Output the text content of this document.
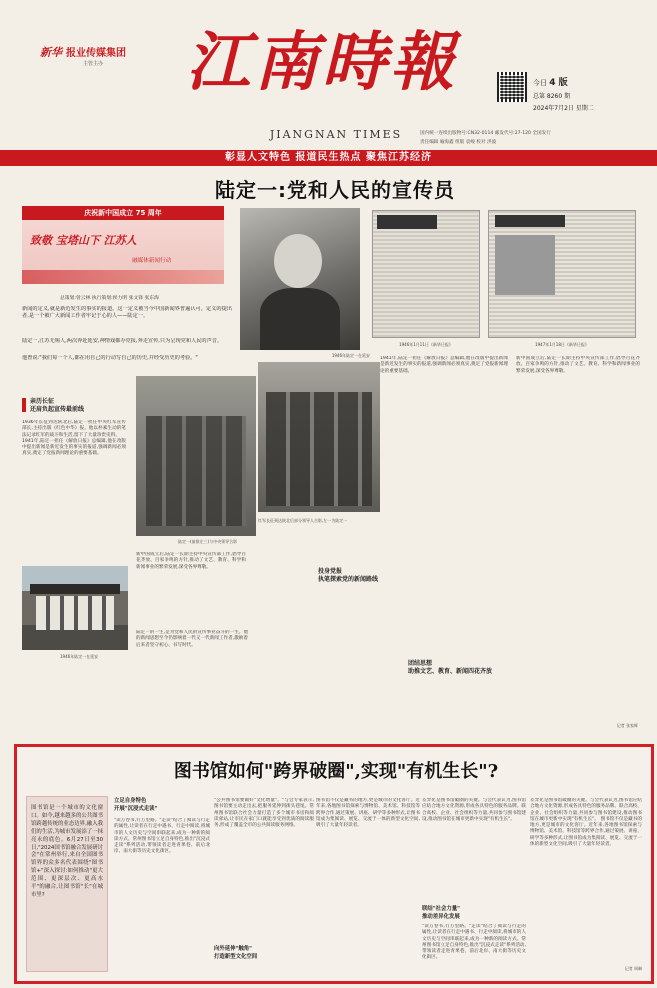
新华 报业传媒集团
主管主办 江南時報
JIANGNAN TIMES
今日 4 版
总第 8260 期
2024年7月2日 星期二
国内统一连续出版物号:CN32-0114 邮发代号:27-120 全国发行
责任编辑 喻海鑫 组版 袁峻 校对 洪波
彰显人文特色 报道民生热点 聚焦江苏经济
陆定一:党和人民的宣传员
庆祝新中国成立 75 周年
致敬 宝塔山下 江苏人
融媒体新闻行动
总策划:曾云林 执行策划:侯力明 张文锋 张东海
新闻的定义,就是新近发生的事实的报道。这一定义被当今中国新闻界普遍认可。定义的提出者,是一个被广大新闻工作者牢记于心的人——陆定一。
陆定一,江苏无锡人,两次奔赴延安,神情戏都办党报,奔走宣传,只为呈现党和人民的声音。
他曾说:"我们每一个人,都在用自己的行动写自己的历史,并经受历史的考验。"	1946年陆定一在延安
1946年1月11日《新华日报》	1947年1月18日《新华日报》
亲历长征
还肩负起宣传最前线
1936年长征到达陕北后,陆定一担任中央红军宣传部长,主持出版《红色中华》报。他以朴素生动的笔法记录红军的战斗和生活,留下了大量珍贵史料。
1941年,陆定一担任《解放日报》总编辑,他在改版中提出新闻是新近发生的事实的报道,强调新闻必须真实,奠定了党报新闻理论的重要基础。
陆定一(前排左三)与中央领导合影
新中国成立后,陆定一长期主持中央宣传部工作,倡导百花齐放、百家争鸣的方针,推动了文艺、教育、科学和新闻事业的繁荣发展,深受各界尊敬。
1946年陆定一在延安
陆定一的一生,是为党和人民的宣传事业奋斗的一生。他的新闻思想至今仍影响着一代又一代新闻工作者,激励着后来者坚守初心、书写时代。
红军长征到达陕北后部分领导人合影,左一为陆定一
投身党报
执笔探索党的新闻路线
1941年,陆定一担任《解放日报》总编辑,他在改版中提出新闻是新近发生的事实的报道,强调新闻必须真实,奠定了党报新闻理论的重要基础。
团结思想
助推文艺、教育、新闻四花齐放
新中国成立后,陆定一长期主持中央宣传部工作,倡导百花齐放、百家争鸣的方针,推动了文艺、教育、科学和新闻事业的繁荣发展,深受各界尊敬。
记者 张家辉
图书馆如何"跨界破圈",实现"有机生长"?
图书馆是一个城市的文化窗口。如今,越来越多的公共图书馆跨越传统的业态边界,融入我们的生活,为城市发展添了一抹亮永的底色。6月27日至30日,"2024国书馆融合发展研讨会"在常州举行,来自全国图书馆界的众多名代表围绕"图书馆+"深入探讨:如何推动"更大范围、更深层次、更高水平"的融合,让图书馆"长"在城市里?
立足自身特色
开展"沉浸式走读"
"读万卷书,行万里路。"走读"结合了阅读与行走的属性,让读者在行走中遇书、行走中阅读,将城市的人文历史与空间串联起来,成为一种新的阅读方式。常州图书馆立足自身特色,推出"沉浸式走读"系列活动,带领读者走进青果巷、前后北岸、南大街等历史文化街区。
"公共图书馆要做好"文化增量"。"与会专家表示,图书馆要主动走出去,把服务延伸到街头巷尾。常州图书馆联合社会力量打造了多个城市书房和阅读驿站,让市民在家门口就能享受到优质的阅读服务,形成了覆盖全市的公共阅读服务网络。
向外延伸"触角"
打造新型文化空间
图书馆不仅是藏书的地方,更是城市的文化客厅。近年来,各地图书馆探索与博物馆、美术馆、科技馆等跨界合作,通过策展、讲座、研学等多种形式,让图书馆成为集阅读、展览、交流于一体的新型文化空间,吸引了大量年轻读者。
差异化是图书馆破圈的关键。与会代表认为,图书馆应结合地方文化资源,形成各具特色的服务品牌。联合高校、企业、社会组织等力量,共同参与图书馆建设,推动图书馆在城市更新中实现"有机生长"。
联结"社会力量"
推动差异化发展
"读万卷书,行万里路。"走读"结合了阅读与行走的属性,让读者在行走中遇书、行走中阅读,将城市的人文历史与空间串联起来,成为一种新的阅读方式。常州图书馆立足自身特色,推出"沉浸式走读"系列活动,带领读者走进青果巷、前后北岸、南大街等历史文化街区。
差异化是图书馆破圈的关键。与会代表认为,图书馆应结合地方文化资源,形成各具特色的服务品牌。联合高校、企业、社会组织等力量,共同参与图书馆建设,推动图书馆在城市更新中实现"有机生长"。 图书馆不仅是藏书的地方,更是城市的文化客厅。近年来,各地图书馆探索与博物馆、美术馆、科技馆等跨界合作,通过策展、讲座、研学等多种形式,让图书馆成为集阅读、展览、交流于一体的新型文化空间,吸引了大量年轻读者。
记者 周琳
